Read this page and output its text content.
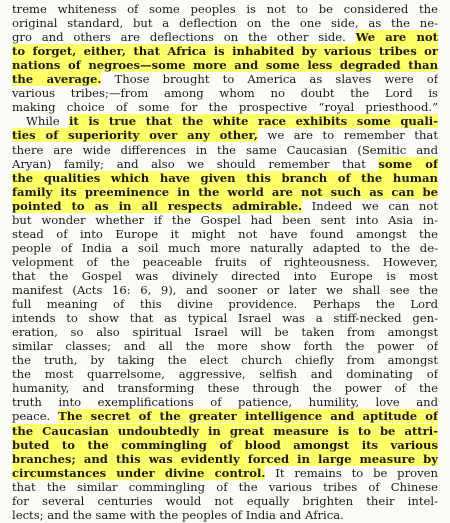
treme whiteness of some peoples is not to be considered the
original standard, but a deflection on the one side, as the ne-
gro and others are deflections on the other side. We are not
to forget, either, that Africa is inhabited by various tribes or
nations of negroes—some more and some less degraded than
the average. Those brought to America as slaves were of
various tribes;—from among whom no doubt the Lord is
making choice of some for the prospective “royal priesthood.”
While it is true that the white race exhibits some quali-
ties of superiority over any other, we are to remember that
there are wide differences in the same Caucasian (Semitic and
Aryan) family; and also we should remember that some of
the qualities which have given this branch of the human
family its preeminence in the world are not such as can be
pointed to as in all respects admirable. Indeed we can not
but wonder whether if the Gospel had been sent into Asia in-
stead of into Europe it might not have found amongst the
people of India a soil much more naturally adapted to the de-
velopment of the peaceable fruits of righteousness. However,
that the Gospel was divinely directed into Europe is most
manifest (Acts 16: 6, 9), and sooner or later we shall see the
full meaning of this divine providence. Perhaps the Lord
intends to show that as typical Israel was a stiff-necked gen-
eration, so also spiritual Israel will be taken from amongst
similar classes; and all the more show forth the power of
the truth, by taking the elect church chiefly from amongst
the most quarrelsome, aggressive, selfish and dominating of
humanity, and transforming these through the power of the
truth into exemplifications of patience, humility, love and
peace. The secret of the greater intelligence and aptitude of
the Caucasian undoubtedly in great measure is to be attri-
buted to the commingling of blood amongst its various
branches; and this was evidently forced in large measure by
circumstances under divine control. It remains to be proven
that the similar commingling of the various tribes of Chinese
for several centuries would not equally brighten their intel-
lects; and the same with the peoples of India and Africa.
